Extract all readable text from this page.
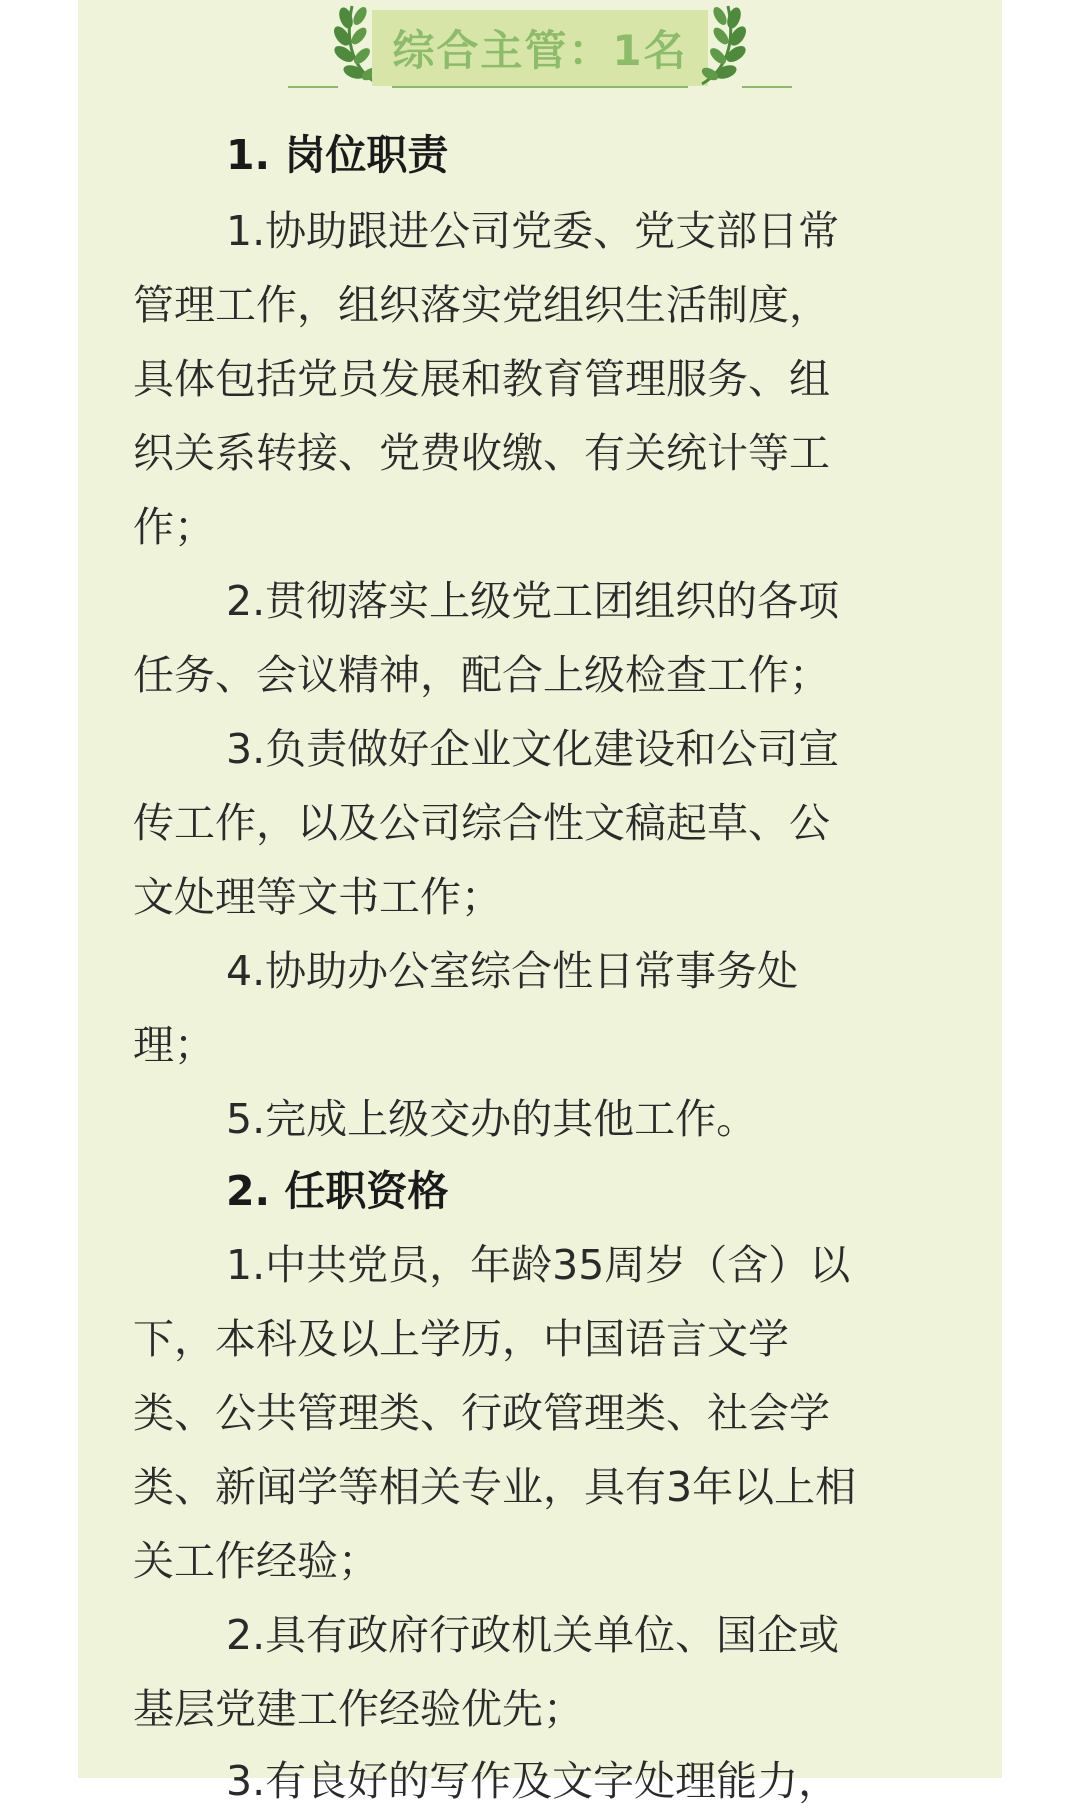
综合主管：1名
1. 岗位职责
1.协助跟进公司党委、党支部日常
管理工作，组织落实党组织生活制度，
具体包括党员发展和教育管理服务、组
织关系转接、党费收缴、有关统计等工
作；
2.贯彻落实上级党工团组织的各项
任务、会议精神，配合上级检查工作；
3.负责做好企业文化建设和公司宣
传工作，以及公司综合性文稿起草、公
文处理等文书工作；
4.协助办公室综合性日常事务处
理；
5.完成上级交办的其他工作。
2. 任职资格
1.中共党员，年龄35周岁（含）以
下，本科及以上学历，中国语言文学
类、公共管理类、行政管理类、社会学
类、新闻学等相关专业，具有3年以上相
关工作经验；
2.具有政府行政机关单位、国企或
基层党建工作经验优先；
3.有良好的写作及文字处理能力，
